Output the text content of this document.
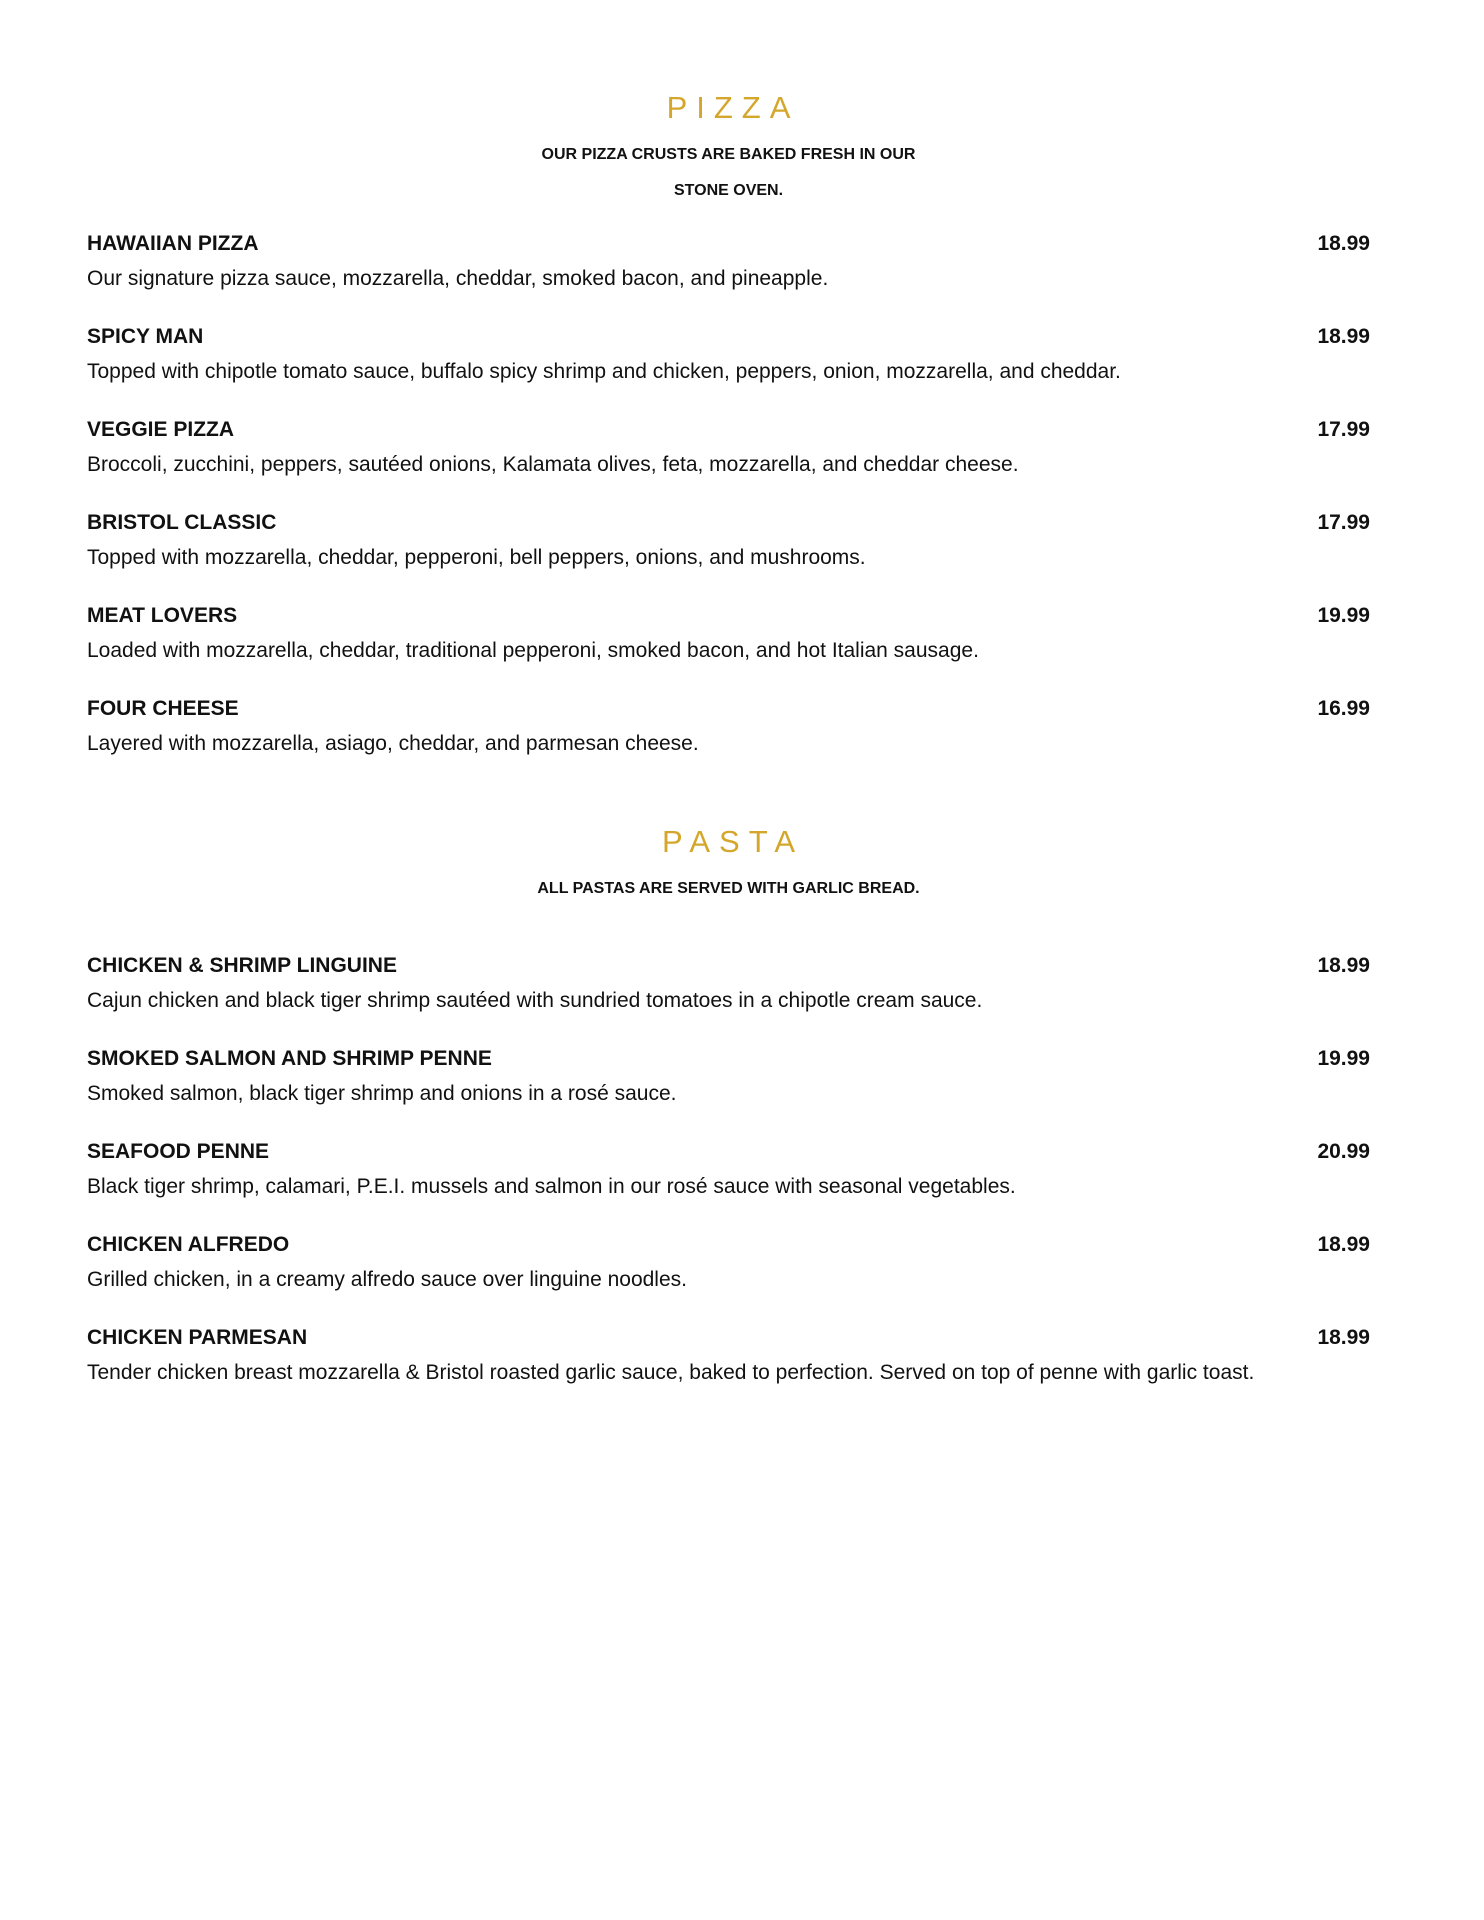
PIZZA

OUR PIZZA CRUSTS ARE BAKED FRESH IN OUR

STONE OVEN.

HAWAIIAN PIZZA	18.99

Our signature pizza sauce, mozzarella, cheddar, smoked bacon, and pineapple.

SPICY MAN	18.99

Topped with chipotle tomato sauce, buffalo spicy shrimp and chicken, peppers, onion, mozzarella, and cheddar.

VEGGIE PIZZA	17.99

Broccoli, zucchini, peppers, sautéed onions, Kalamata olives, feta, mozzarella, and cheddar cheese.

BRISTOL CLASSIC	17.99

Topped with mozzarella, cheddar, pepperoni, bell peppers, onions, and mushrooms.

MEAT LOVERS	19.99

Loaded with mozzarella, cheddar, traditional pepperoni, smoked bacon, and hot Italian sausage.

FOUR CHEESE	16.99

Layered with mozzarella, asiago, cheddar, and parmesan cheese.

PASTA

ALL PASTAS ARE SERVED WITH GARLIC BREAD.

CHICKEN & SHRIMP LINGUINE	18.99

Cajun chicken and black tiger shrimp sautéed with sundried tomatoes in a chipotle cream sauce.

SMOKED SALMON AND SHRIMP PENNE	19.99

Smoked salmon, black tiger shrimp and onions in a rosé sauce.

SEAFOOD PENNE	20.99

Black tiger shrimp, calamari, P.E.I. mussels and salmon in our rosé sauce with seasonal vegetables.

CHICKEN ALFREDO	18.99

Grilled chicken, in a creamy alfredo sauce over linguine noodles.

CHICKEN PARMESAN	18.99

Tender chicken breast mozzarella & Bristol roasted garlic sauce, baked to perfection. Served on top of penne with garlic toast.
